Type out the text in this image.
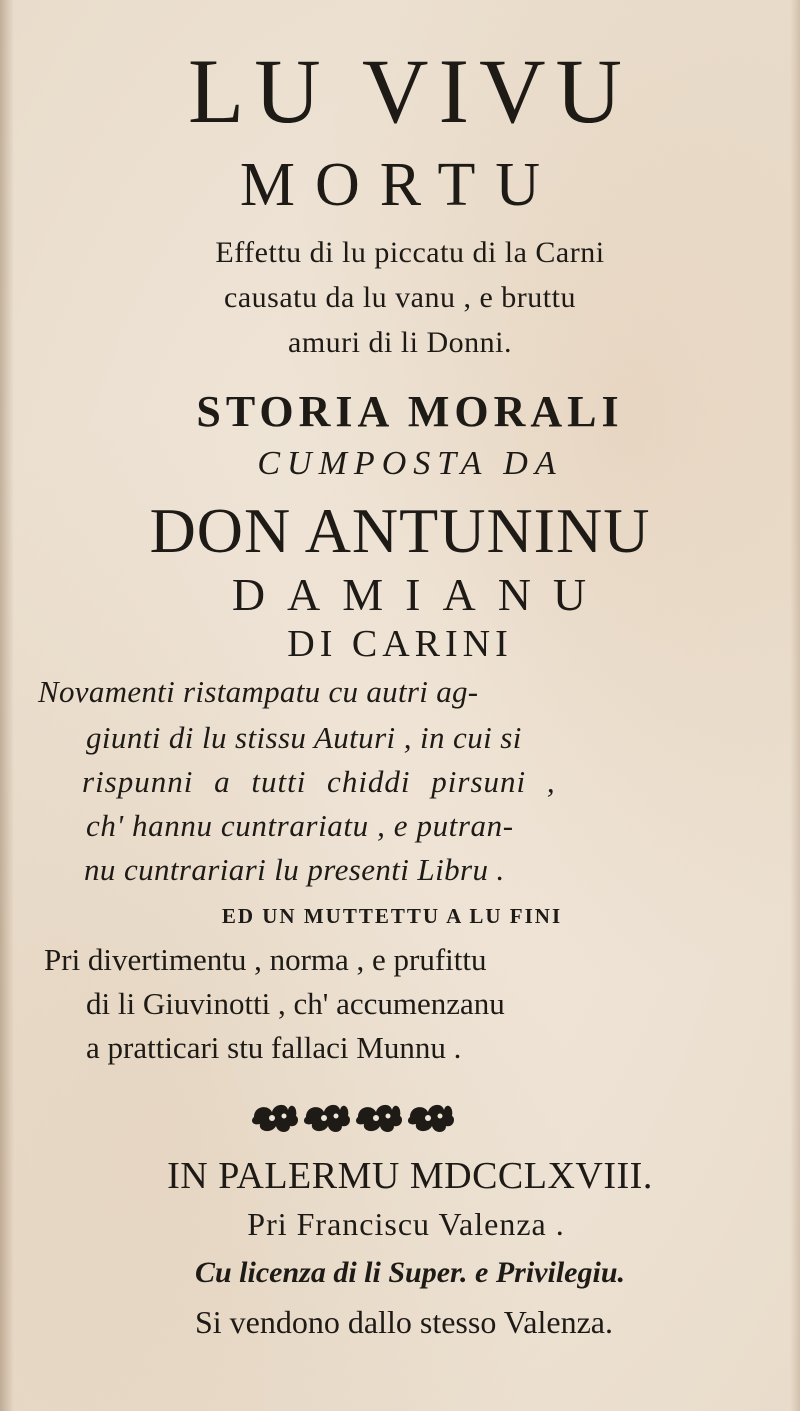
LU VIVU
MORTU
Effettu di lu piccatu di la Carni
causatu da lu vanu , e bruttu
amuri di li Donni.
STORIA MORALI
CUMPOSTA DA
DON ANTUNINU
DAMIANU
DI CARINI
Novamenti ristampatu cu autri ag-
giunti di lu stissu Auturi , in cui si
rispunni a tutti chiddi pirsuni ,
ch' hannu cuntrariatu , e putran-
nu cuntrariari lu presenti Libru .
ED UN MUTTETTU A LU FINI
Pri divertimentu , norma , e prufittu
di li Giuvinotti , ch' accumenzanu
a pratticari stu fallaci Munnu .
IN PALERMU MDCCLXVIII.
Pri Franciscu Valenza .
Cu licenza di li Super. e Privilegiu.
Si vendono dallo stesso Valenza.
